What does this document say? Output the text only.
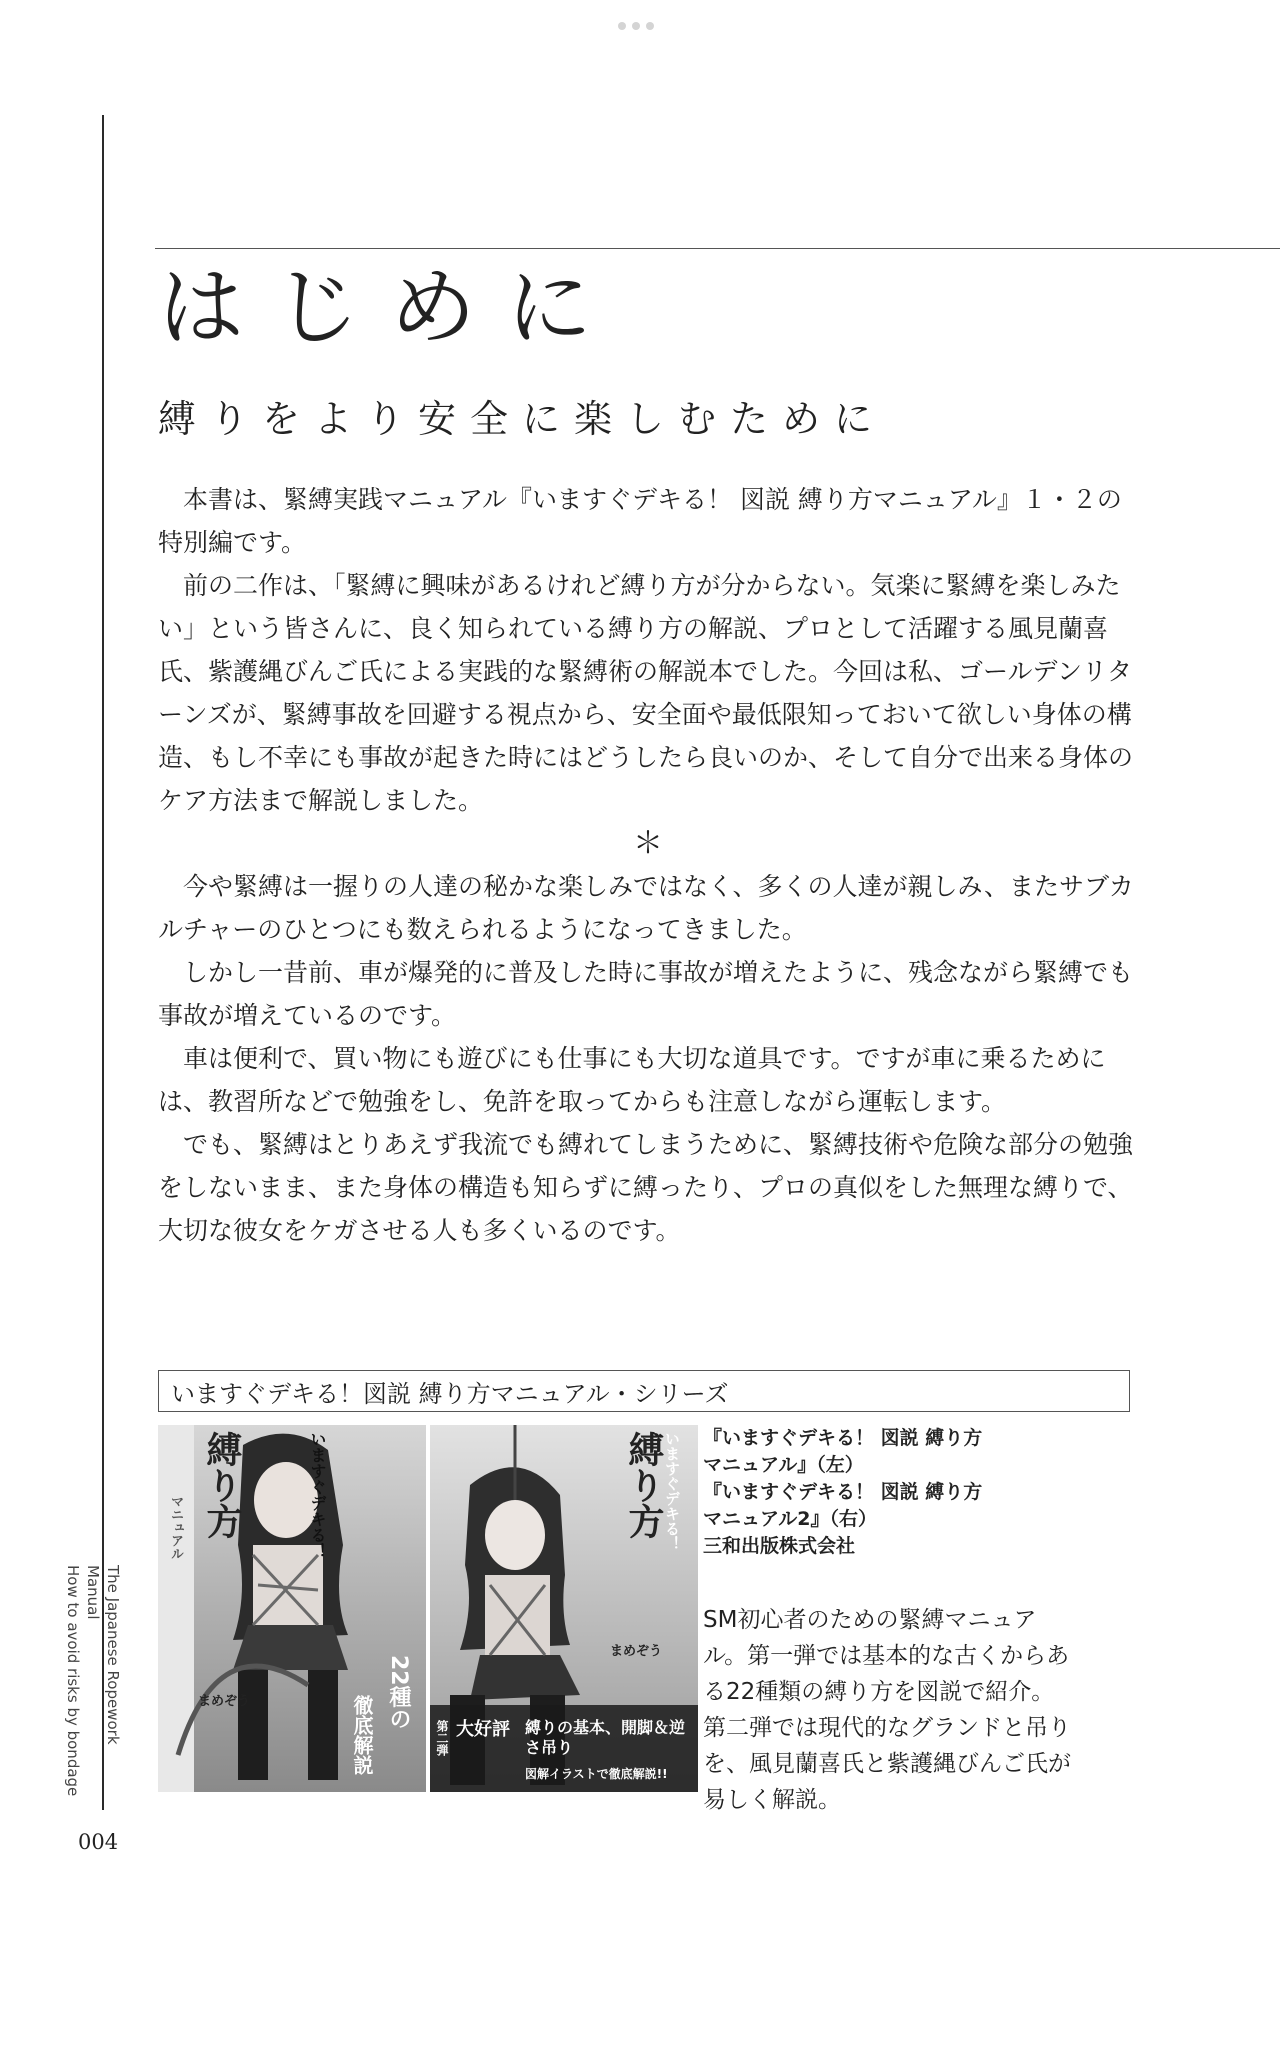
はじめに
縛りをより安全に楽しむために

　本書は、緊縛実践マニュアル『いますぐデキる！ 図説 縛り方マニュアル』１・２の特別編です。

　前の二作は、「緊縛に興味があるけれど縛り方が分からない。気楽に緊縛を楽しみたい」という皆さんに、良く知られている縛り方の解説、プロとして活躍する風見蘭喜氏、紫護縄びんご氏による実践的な緊縛術の解説本でした。今回は私、ゴールデンリターンズが、緊縛事故を回避する視点から、安全面や最低限知っておいて欲しい身体の構造、もし不幸にも事故が起きた時にはどうしたら良いのか、そして自分で出来る身体のケア方法まで解説しました。

＊

　今や緊縛は一握りの人達の秘かな楽しみではなく、多くの人達が親しみ、またサブカルチャーのひとつにも数えられるようになってきました。

　しかし一昔前、車が爆発的に普及した時に事故が増えたように、残念ながら緊縛でも事故が増えているのです。

　車は便利で、買い物にも遊びにも仕事にも大切な道具です。ですが車に乗るためには、教習所などで勉強をし、免許を取ってからも注意しながら運転します。

　でも、緊縛はとりあえず我流でも縛れてしまうために、緊縛技術や危険な部分の勉強をしないまま、また身体の構造も知らずに縛ったり、プロの真似をした無理な縛りで、大切な彼女をケガさせる人も多くいるのです。

The Japanese Ropework Manual
How to avoid risks by bondage
004
いますぐデキる！図説 縛り方マニュアル・シリーズ
いますぐデキる！
縛り方
マニュアル
22種の
徹底解説
まめぞう
いますぐデキる！
縛り方
大好評
第二弾	縛りの基本、開脚＆逆さ吊り
図解イラストで徹底解説!!
まめぞう
『いますぐデキる！ 図説 縛り方
マニュアル』（左）
『いますぐデキる！ 図説 縛り方
マニュアル2』（右）
三和出版株式会社
SM初心者のための緊縛マニュアル。第一弾では基本的な古くからある22種類の縛り方を図説で紹介。第二弾では現代的なグランドと吊りを、風見蘭喜氏と紫護縄びんご氏が易しく解説。
